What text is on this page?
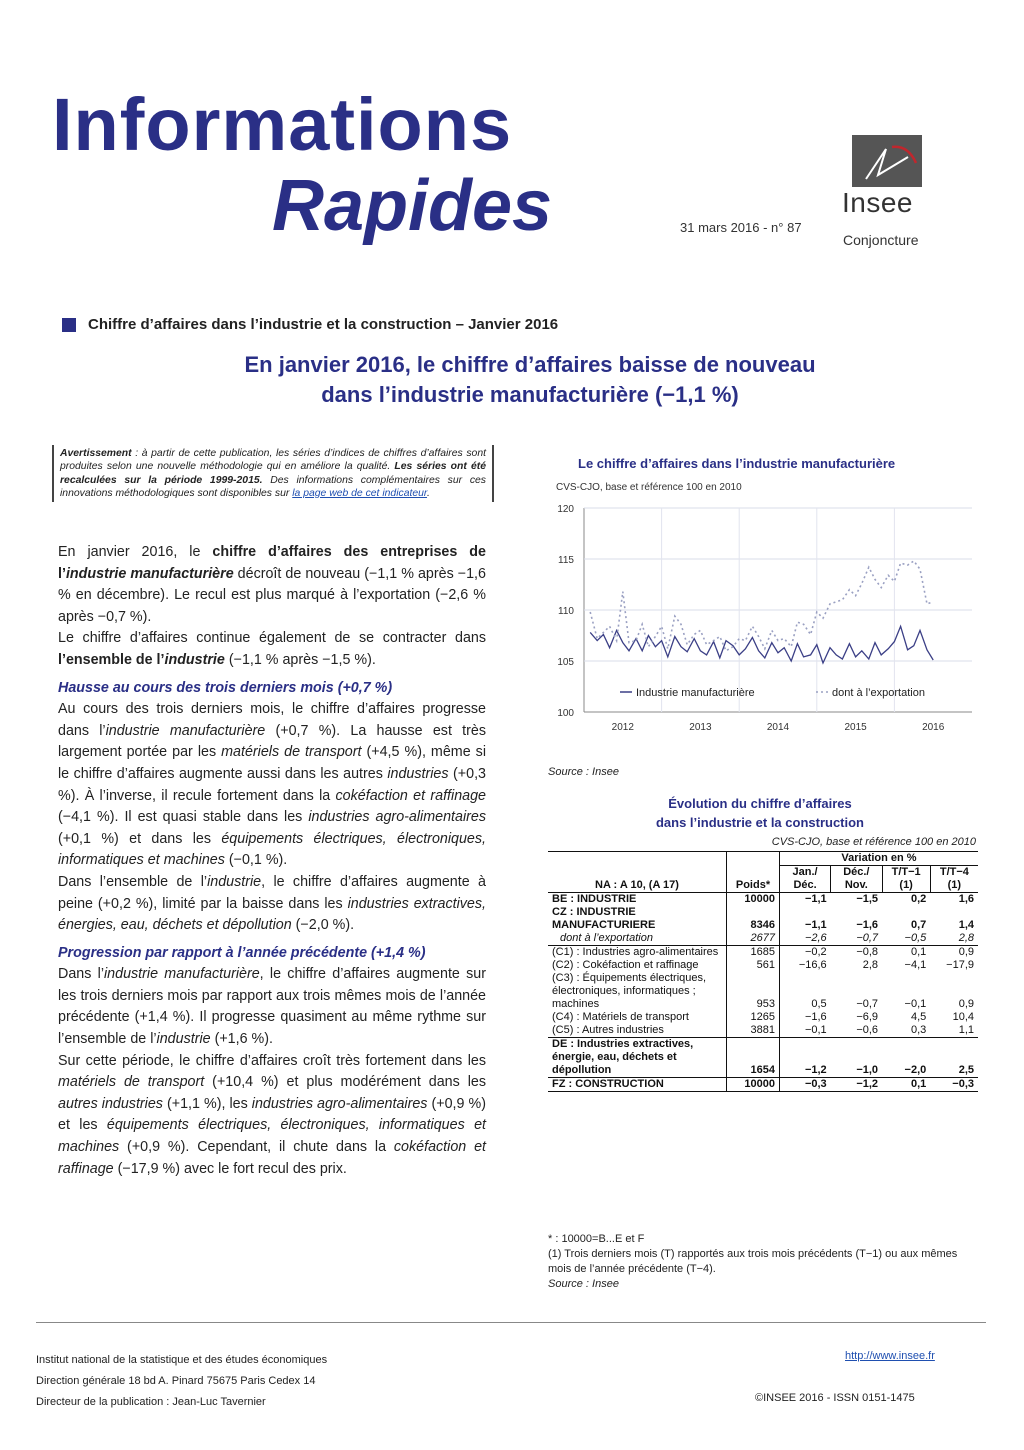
Informations
Rapides	31 mars 2016 - n° 87
Insee
Conjoncture
Chiffre d’affaires dans l’industrie et la construction – Janvier 2016
En janvier 2016, le chiffre d’affaires baisse de nouveau
dans l’industrie manufacturière (−1,1 %)
Avertissement : à partir de cette publication, les séries d’indices de chiffres d’affaires sont produites selon une nouvelle méthodologie qui en améliore la qualité. Les séries ont été recalculées sur la période 1999-2015. Des informations complémentaires sur ces innovations méthodologiques sont disponibles sur la page web de cet indicateur.

En janvier 2016, le chiffre d’affaires des entreprises de l’industrie manufacturière décroît de nouveau (−1,1 % après −1,6 % en décembre). Le recul est plus marqué à l’exportation (−2,6 % après −0,7 %).

Le chiffre d’affaires continue également de se contracter dans l’ensemble de l’industrie (−1,1 % après −1,5 %).

Hausse au cours des trois derniers mois (+0,7 %)

Au cours des trois derniers mois, le chiffre d’affaires progresse dans l’industrie manufacturière (+0,7 %). La hausse est très largement portée par les matériels de transport (+4,5 %), même si le chiffre d’affaires augmente aussi dans les autres industries (+0,3 %). À l’inverse, il recule fortement dans la cokéfaction et raffinage (−4,1 %). Il est quasi stable dans les industries agro-alimentaires (+0,1 %) et dans les équipements électriques, électroniques, informatiques et machines (−0,1 %).

Dans l’ensemble de l’industrie, le chiffre d’affaires augmente à peine (+0,2 %), limité par la baisse dans les industries extractives, énergies, eau, déchets et dépollution (−2,0 %).

Progression par rapport à l’année précédente (+1,4 %)

Dans l’industrie manufacturière, le chiffre d’affaires augmente sur les trois derniers mois par rapport aux trois mêmes mois de l’année précédente (+1,4 %). Il progresse quasiment au même rythme sur l’ensemble de l’industrie (+1,6 %).

Sur cette période, le chiffre d’affaires croît très fortement dans les matériels de transport (+10,4 %) et plus modérément dans les autres industries (+1,1 %), les industries agro-alimentaires (+0,9 %) et les équipements électriques, électroniques, informatiques et machines (+0,9 %). Cependant, il chute dans la cokéfaction et raffinage (−17,9 %) avec le fort recul des prix.

Le chiffre d’affaires dans l’industrie manufacturière
CVS-CJO, base et référence 100 en 2010
100
105
110
115
120
2012	2013	2014	2015	2016
Industrie manufacturière	dont à l’exportation
Source : Insee
Évolution du chiffre d’affaires
dans l’industrie et la construction
CVS-CJO, base et référence 100 en 2010
NA : A 10, (A 17)	Poids*	Variation en %			
		Jan./ Déc.	Déc./ Nov.	T/T−1 (1)	T/T−4 (1)
BE : INDUSTRIE	10000	−1,1	−1,5	0,2	1,6
CZ : INDUSTRIE MANUFACTURIERE	8346	−1,1	−1,6	0,7	1,4
dont à l’exportation	2677	−2,6	−0,7	−0,5	2,8
(C1) : Industries agro-alimentaires	1685	−0,2	−0,8	0,1	0,9
(C2) : Cokéfaction et raffinage	561	−16,6	2,8	−4,1	−17,9
(C3) : Équipements électriques, électroniques, informatiques ; machines	953	0,5	−0,7	−0,1	0,9
(C4) : Matériels de transport	1265	−1,6	−6,9	4,5	10,4
(C5) : Autres industries	3881	−0,1	−0,6	0,3	1,1
DE : Industries extractives, énergie, eau, déchets et dépollution	1654	−1,2	−1,0	−2,0	2,5
FZ : CONSTRUCTION	10000	−0,3	−1,2	0,1	−0,3
* : 10000=B...E et F
(1) Trois derniers mois (T) rapportés aux trois mois précédents (T−1) ou aux mêmes mois de l’année précédente (T−4).
Source : Insee
Institut national de la statistique et des études économiques
Direction générale 18 bd A. Pinard 75675 Paris Cedex 14
Directeur de la publication : Jean-Luc Tavernier
http://www.insee.fr
©INSEE 2016 - ISSN 0151-1475
